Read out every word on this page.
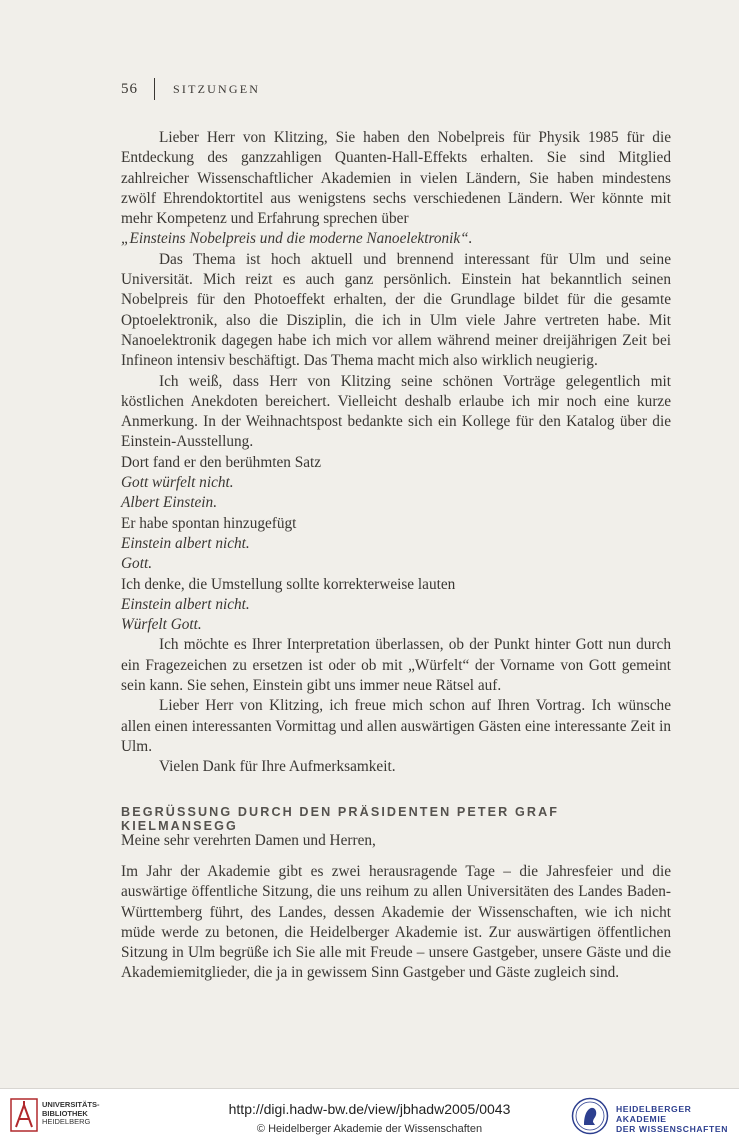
56	SITZUNGEN

Lieber Herr von Klitzing, Sie haben den Nobelpreis für Physik 1985 für die Entdeckung des ganzzahligen Quanten-Hall-Effekts erhalten. Sie sind Mitglied zahlreicher Wissenschaftlicher Akademien in vielen Ländern, Sie haben mindestens zwölf Ehrendoktortitel aus wenigstens sechs verschiedenen Ländern. Wer könnte mit mehr Kompetenz und Erfahrung sprechen über

„Einsteins Nobelpreis und die moderne Nanoelektronik“.

Das Thema ist hoch aktuell und brennend interessant für Ulm und seine Universität. Mich reizt es auch ganz persönlich. Einstein hat bekanntlich seinen Nobelpreis für den Photoeffekt erhalten, der die Grundlage bildet für die gesamte Optoelektronik, also die Disziplin, die ich in Ulm viele Jahre vertreten habe. Mit Nanoelektronik dagegen habe ich mich vor allem während meiner dreijährigen Zeit bei Infineon intensiv beschäftigt. Das Thema macht mich also wirklich neugierig.

Ich weiß, dass Herr von Klitzing seine schönen Vorträge gelegentlich mit köstlichen Anekdoten bereichert. Vielleicht deshalb erlaube ich mir noch eine kurze Anmerkung. In der Weihnachtspost bedankte sich ein Kollege für den Katalog über die Einstein-Ausstellung.

Dort fand er den berühmten Satz

Gott würfelt nicht.

Albert Einstein.

Er habe spontan hinzugefügt

Einstein albert nicht.

Gott.

Ich denke, die Umstellung sollte korrekterweise lauten

Einstein albert nicht.

Würfelt Gott.

Ich möchte es Ihrer Interpretation überlassen, ob der Punkt hinter Gott nun durch ein Fragezeichen zu ersetzen ist oder ob mit „Würfelt“ der Vorname von Gott gemeint sein kann. Sie sehen, Einstein gibt uns immer neue Rätsel auf.

Lieber Herr von Klitzing, ich freue mich schon auf Ihren Vortrag. Ich wünsche allen einen interessanten Vormittag und allen auswärtigen Gästen eine interessante Zeit in Ulm.

Vielen Dank für Ihre Aufmerksamkeit.

BEGRÜSSUNG DURCH DEN PRÄSIDENTEN PETER GRAF KIELMANSEGG

Meine sehr verehrten Damen und Herren,

Im Jahr der Akademie gibt es zwei herausragende Tage – die Jahresfeier und die auswärtige öffentliche Sitzung, die uns reihum zu allen Universitäten des Landes Baden-Württemberg führt, des Landes, dessen Akademie der Wissenschaften, wie ich nicht müde werde zu betonen, die Heidelberger Akademie ist. Zur auswärtigen öffentlichen Sitzung in Ulm begrüße ich Sie alle mit Freude – unsere Gastgeber, unsere Gäste und die Akademiemitglieder, die ja in gewissem Sinn Gastgeber und Gäste zugleich sind.

UNIVERSITÄTS-
BIBLIOTHEK
HEIDELBERG
http://digi.hadw-bw.de/view/jbhadw2005/0043
© Heidelberger Akademie der Wissenschaften
HEIDELBERGER AKADEMIE
DER WISSENSCHAFTEN
